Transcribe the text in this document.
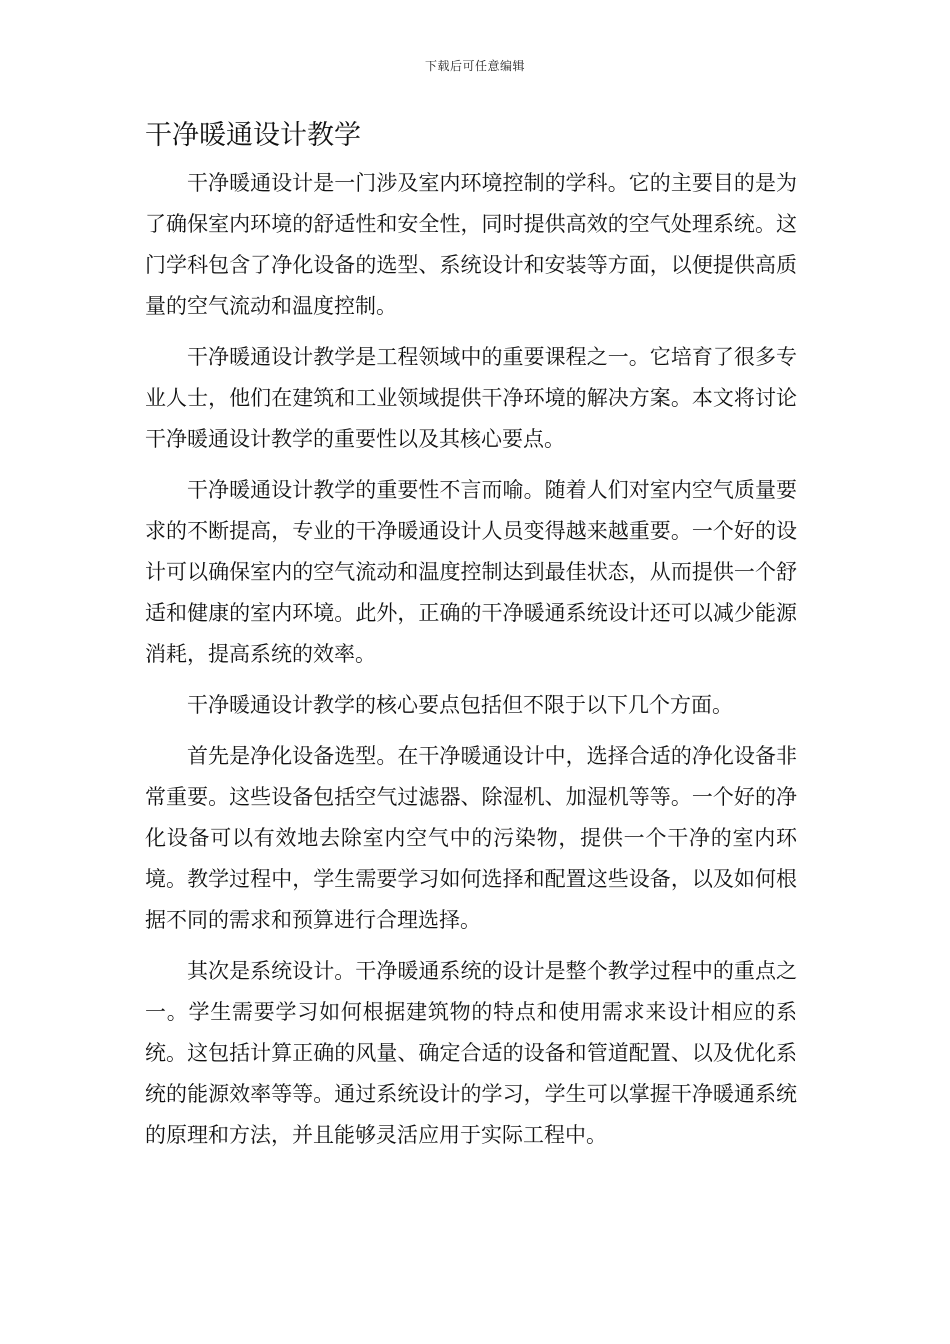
下载后可任意编辑
干净暖通设计教学

干净暖通设计是一门涉及室内环境控制的学科。它的主要目的是为了确保室内环境的舒适性和安全性，同时提供高效的空气处理系统。这门学科包含了净化设备的选型、系统设计和安装等方面，以便提供高质量的空气流动和温度控制。

干净暖通设计教学是工程领域中的重要课程之一。它培育了很多专业人士，他们在建筑和工业领域提供干净环境的解决方案。本文将讨论干净暖通设计教学的重要性以及其核心要点。

干净暖通设计教学的重要性不言而喻。随着人们对室内空气质量要求的不断提高，专业的干净暖通设计人员变得越来越重要。一个好的设计可以确保室内的空气流动和温度控制达到最佳状态，从而提供一个舒适和健康的室内环境。此外，正确的干净暖通系统设计还可以减少能源消耗，提高系统的效率。

干净暖通设计教学的核心要点包括但不限于以下几个方面。

首先是净化设备选型。在干净暖通设计中，选择合适的净化设备非常重要。这些设备包括空气过滤器、除湿机、加湿机等等。一个好的净化设备可以有效地去除室内空气中的污染物，提供一个干净的室内环境。教学过程中，学生需要学习如何选择和配置这些设备，以及如何根据不同的需求和预算进行合理选择。

其次是系统设计。干净暖通系统的设计是整个教学过程中的重点之一。学生需要学习如何根据建筑物的特点和使用需求来设计相应的系统。这包括计算正确的风量、确定合适的设备和管道配置、以及优化系统的能源效率等等。通过系统设计的学习，学生可以掌握干净暖通系统的原理和方法，并且能够灵活应用于实际工程中。
